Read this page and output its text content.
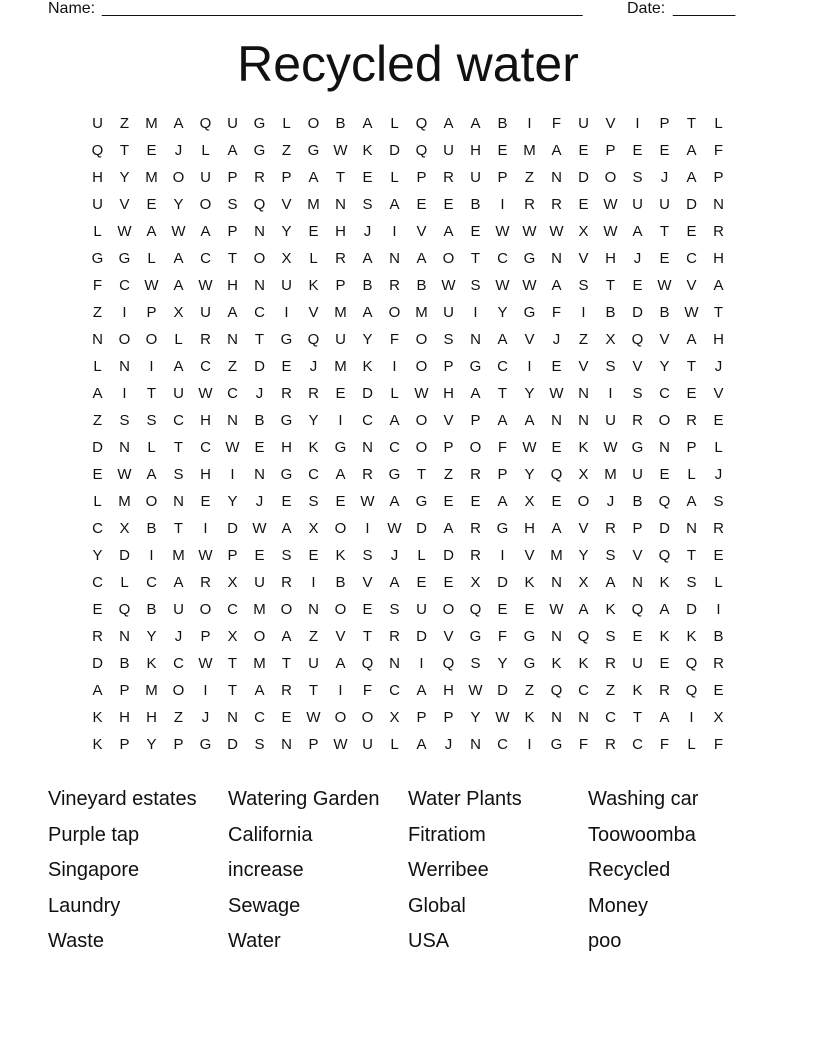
Name: ______________________________________________________	Date: _______
Recycled water
U	Z	M	A	Q	U	G	L	O	B	A	L	Q	A	A	B	I	F	U	V	I	P	T	L
Q	T	E	J	L	A	G	Z	G W K	D	Q	U	H	E	M	A	E	P	E	E	A	F
H	Y	M O	U	P	R	P	A	T	E	L	P	R	U	P	Z	N	D	O	S	J	A	P
U	V	E	Y	O	S	Q	V	M	N	S	A	E	E	B	I	R	R	E W U	U	D	N
L	W A W A	P	N	Y	E	H	J	I	V	A	E W W W X W A	T	E	R
G	G	L	A	C	T	O	X	L	R	A	N	A	O	T	C	G	N	V	H	J	E	C	H
F	C W A W H	N	U	K	P	B	R	B W S W W A	S	T	E W V	A
Z	I	P	X	U	A	C	I	V	M	A	O M	U	I	Y	G	F	I	B	D	B W	T
N	O	O	L	R	N	T	G	Q	U	Y	F	O	S	N	A	V	J	Z	X	Q	V	A	H
L	N	I	A	C	Z	D	E	J	M	K	I	O	P	G	C	I	E	V	S	V	Y	T	J
A	I	T	U W C	J	R	R	E	D	L	W H	A	T	Y W N	I	S	C	E	V
Z	S	S	C	H	N	B	G	Y	I	C	A	O	V	P	A	A	N	N	U	R	O	R	E
D	N	L	T	C W E	H	K	G	N	C	O	P	O	F	W E	K W G	N	P	L
E W A	S	H	I	N	G	C	A	R	G	T	Z	R	P	Y	Q	X	M	U	E	L	J
L	M O	N	E	Y	J	E	S	E W A	G	E	E	A	X	E	O	J	B	Q	A	S
C	X	B	T	I	D W A	X	O	I	W D	A	R	G	H	A	V	R	P	D	N	R
Y	D	I	M W P	E	S	E	K	S	J	L	D	R	I	V	M	Y	S	V	Q	T	E
C	L	C	A	R	X	U	R	I	B	V	A	E	E	X	D	K	N	X	A	N	K	S	L
E	Q	B	U	O	C	M O	N	O	E	S	U	O	Q	E	E W A	K	Q	A	D	I
R	N	Y	J	P	X	O	A	Z	V	T	R	D	V	G	F	G	N	Q	S	E	K	K	B
D	B	K	C W	T	M	T	U	A	Q	N	I	Q	S	Y	G	K	K	R	U	E	Q	R
A	P	M O	I	T	A	R	T	I	F	C	A	H W D	Z	Q	C	Z	K	R	Q	E
K	H	H	Z	J	N	C	E W O	O	X	P	P	Y W K	N	N	C	T	A	I	X
K	P	Y	P	G	D	S	N	P W U	L	A	J	N	C	I	G	F	R	C	F	L	F
Vineyard estates	Watering Garden	Water Plants	Washing car
Purple tap	California	Fitratiom	Toowoomba
Singapore	increase	Werribee	Recycled
Laundry	Sewage	Global	Money
Waste	Water	USA	poo
